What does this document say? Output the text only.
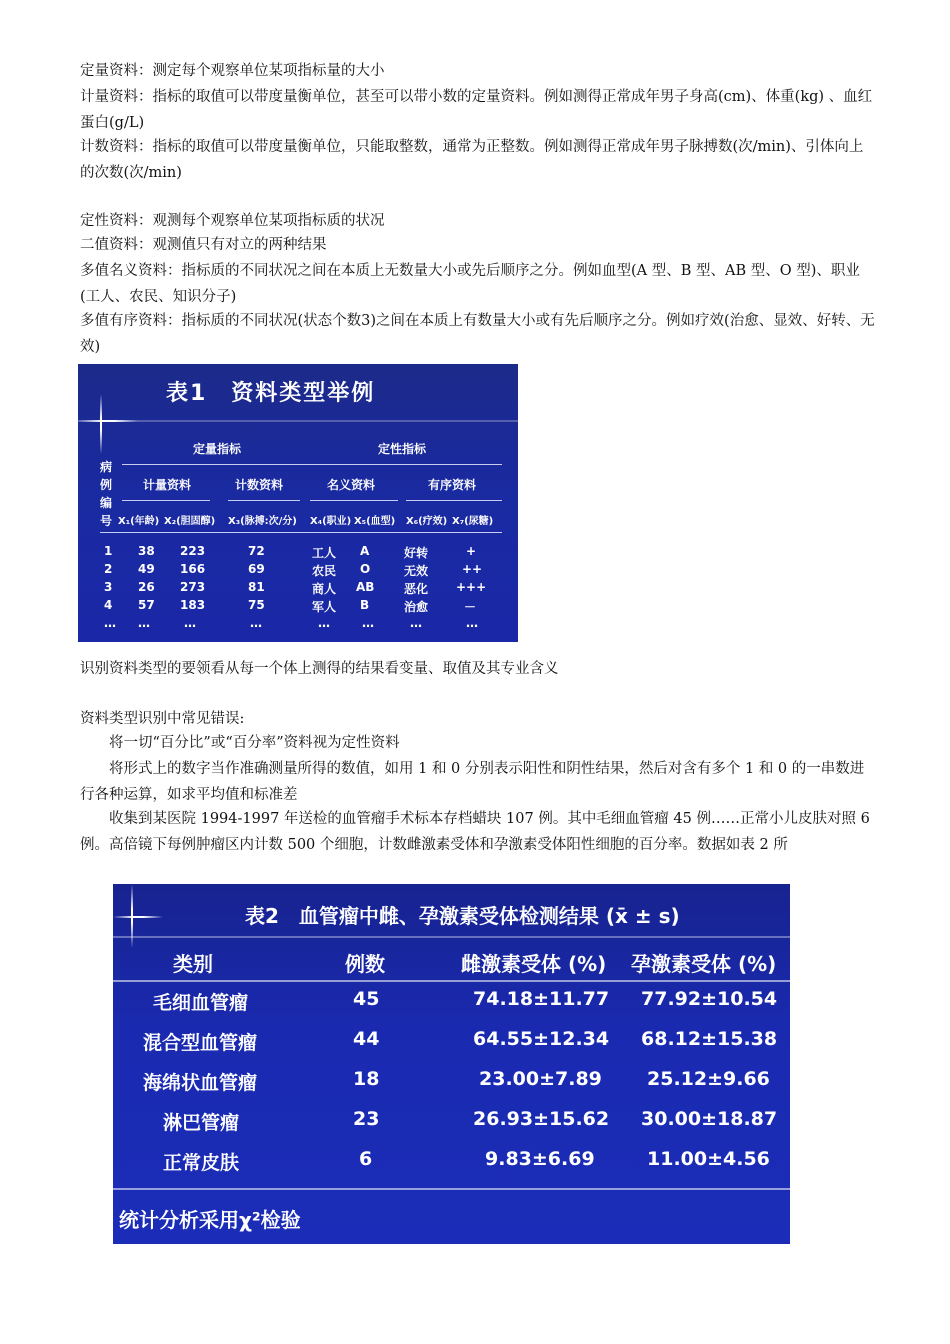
定量资料：测定每个观察单位某项指标量的大小
计量资料：指标的取值可以带度量衡单位，甚至可以带小数的定量资料。例如测得正常成年男子身高(cm)、体重(kg) 、血红蛋白(g/L)
计数资料：指标的取值可以带度量衡单位，只能取整数，通常为正整数。例如测得正常成年男子脉搏数(次/min)、引体向上的次数(次/min)
定性资料：观测每个观察单位某项指标质的状况
二值资料：观测值只有对立的两种结果
多值名义资料：指标质的不同状况之间在本质上无数量大小或先后顺序之分。例如血型(A 型、B 型、AB 型、O 型)、职业(工人、农民、知识分子)
多值有序资料：指标质的不同状况(状态个数3)之间在本质上有数量大小或有先后顺序之分。例如疗效(治愈、显效、好转、无效)
表1　资料类型举例
定量指标	定性指标
病
例
编
号
计量资料	计数资料	名义资料	有序资料
X₁(年龄) X₂(胆固醇) X₃(脉搏:次/分) X₄(职业) X₅(血型) X₆(疗效) X₇(尿糖)
1 38 223	72	工人 A	好转	+
2 49 166	69	农民 O	无效	++
3 26 273	81	商人 AB 恶化 +++
4 57 183	75	军人 B	治愈	－
… …	…	…	…	…	…	…
识别资料类型的要领看从每一个体上测得的结果看变量、取值及其专业含义
资料类型识别中常见错误:
将一切“百分比”或“百分率”资料视为定性资料
将形式上的数字当作准确测量所得的数值，如用 1 和 0 分别表示阳性和阴性结果，然后对含有多个 1 和 0 的一串数进行各种运算，如求平均值和标准差
收集到某医院 1994-1997 年送检的血管瘤手术标本存档蜡块 107 例。其中毛细血管瘤 45 例……正常小儿皮肤对照 6 例。高倍镜下每例肿瘤区内计数 500 个细胞，计数雌激素受体和孕激素受体阳性细胞的百分率。数据如表 2 所
表2　血管瘤中雌、孕激素受体检测结果 (x̄ ± s)
类别	例数	雌激素受体 (%) 孕激素受体 (%)
毛细血管瘤	45	74.18±11.77 77.92±10.54
混合型血管瘤	44	64.55±12.34 68.12±15.38
海绵状血管瘤	18	23.00±7.89 25.12±9.66
淋巴管瘤	23	26.93±15.62 30.00±18.87
正常皮肤	6	9.83±6.69	11.00±4.56
统计分析采用χ²检验
